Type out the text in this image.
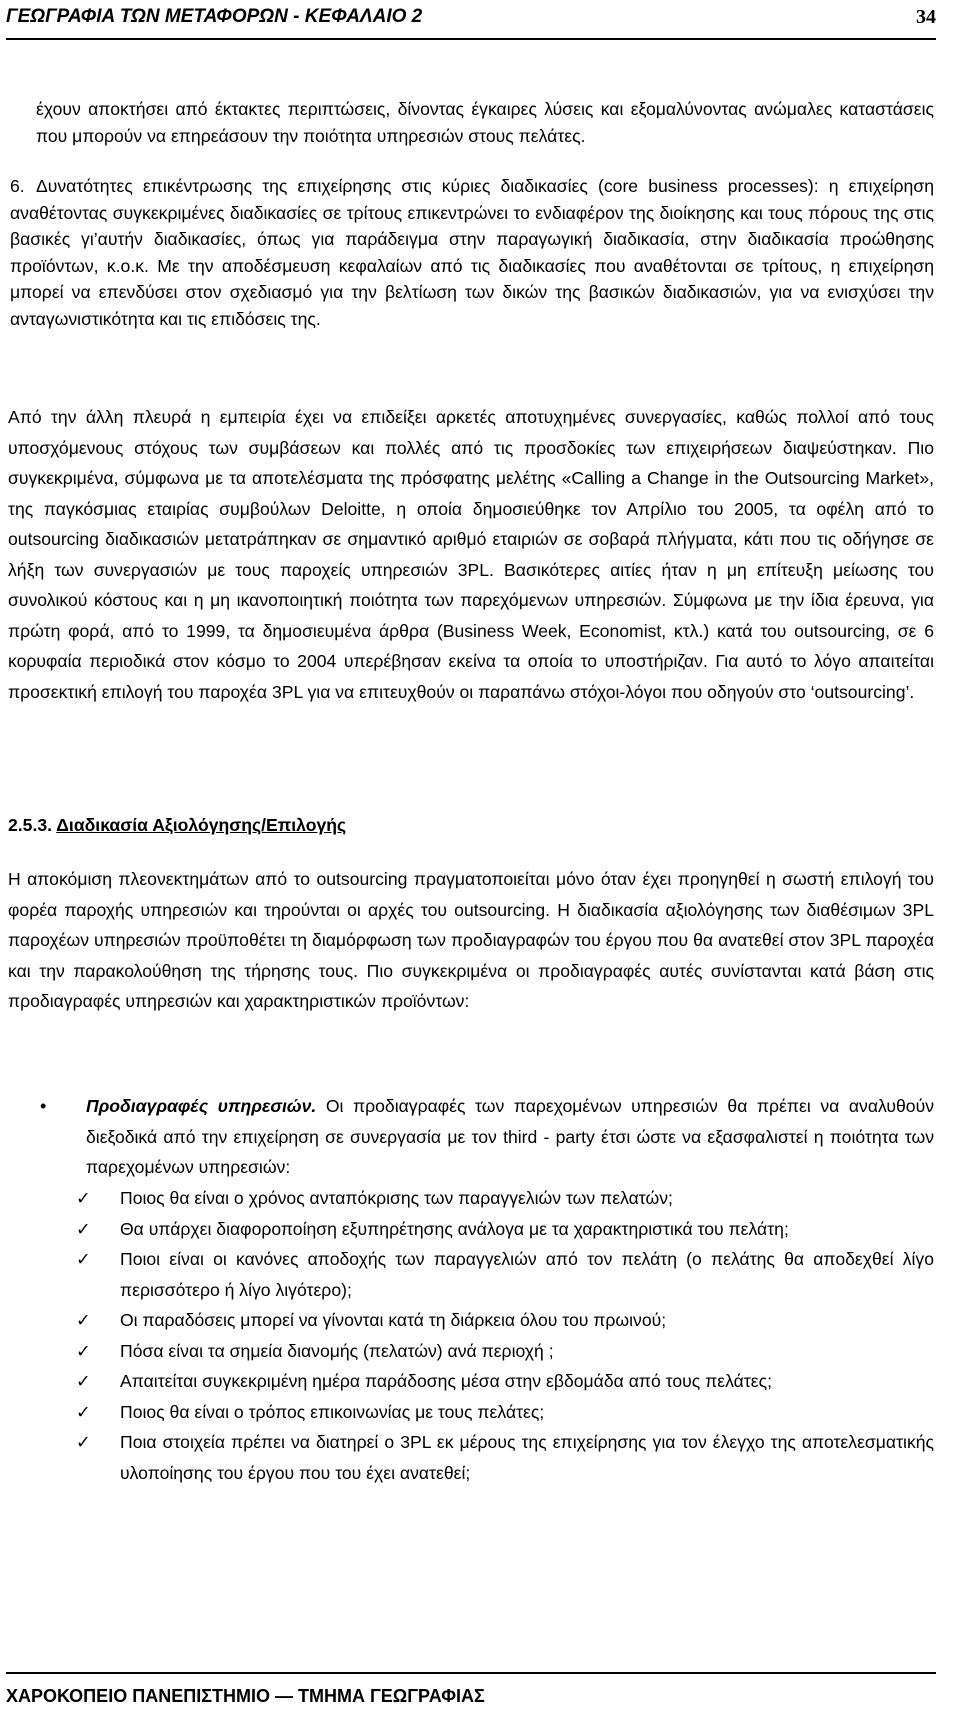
ΓΕΩΓΡΑΦΙΑ ΤΩΝ ΜΕΤΑΦΟΡΩΝ - ΚΕΦΑΛΑΙΟ 2	34
έχουν αποκτήσει από έκτακτες περιπτώσεις, δίνοντας έγκαιρες λύσεις και εξομαλύνοντας ανώμαλες καταστάσεις που μπορούν να επηρεάσουν την ποιότητα υπηρεσιών στους πελάτες.
6. Δυνατότητες επικέντρωσης της επιχείρησης στις κύριες διαδικασίες (core business processes): η επιχείρηση αναθέτοντας συγκεκριμένες διαδικασίες σε τρίτους επικεντρώνει το ενδιαφέρον της διοίκησης και τους πόρους της στις βασικές γι’αυτήν διαδικασίες, όπως για παράδειγμα στην παραγωγική διαδικασία, στην διαδικασία προώθησης προϊόντων, κ.ο.κ. Με την αποδέσμευση κεφαλαίων από τις διαδικασίες που αναθέτονται σε τρίτους, η επιχείρηση μπορεί να επενδύσει στον σχεδιασμό για την βελτίωση των δικών της βασικών διαδικασιών, για να ενισχύσει την ανταγωνιστικότητα και τις επιδόσεις της.
Από την άλλη πλευρά η εμπειρία έχει να επιδείξει αρκετές αποτυχημένες συνεργασίες, καθώς πολλοί από τους υποσχόμενους στόχους των συμβάσεων και πολλές από τις προσδοκίες των επιχειρήσεων διαψεύστηκαν. Πιο συγκεκριμένα, σύμφωνα με τα αποτελέσματα της πρόσφατης μελέτης «Calling a Change in the Outsourcing Market», της παγκόσμιας εταιρίας συμβούλων Deloitte, η οποία δημοσιεύθηκε τον Απρίλιο του 2005, τα οφέλη από το outsourcing διαδικασιών μετατράπηκαν σε σημαντικό αριθμό εταιριών σε σοβαρά πλήγματα, κάτι που τις οδήγησε σε λήξη των συνεργασιών με τους παροχείς υπηρεσιών 3PL. Βασικότερες αιτίες ήταν η μη επίτευξη μείωσης του συνολικού κόστους και η μη ικανοποιητική ποιότητα των παρεχόμενων υπηρεσιών. Σύμφωνα με την ίδια έρευνα, για πρώτη φορά, από το 1999, τα δημοσιευμένα άρθρα (Business Week, Economist, κτλ.) κατά του outsourcing, σε 6 κορυφαία περιοδικά στον κόσμο το 2004 υπερέβησαν εκείνα τα οποία το υποστήριζαν. Για αυτό το λόγο απαιτείται προσεκτική επιλογή του παροχέα 3PL για να επιτευχθούν οι παραπάνω στόχοι-λόγοι που οδηγούν στο ‘outsourcing’.
2.5.3. Διαδικασία Αξιολόγησης/Επιλογής
Η αποκόμιση πλεονεκτημάτων από το outsourcing πραγματοποιείται μόνο όταν έχει προηγηθεί η σωστή επιλογή του φορέα παροχής υπηρεσιών και τηρούνται οι αρχές του outsourcing. Η διαδικασία αξιολόγησης των διαθέσιμων 3PL παροχέων υπηρεσιών προϋποθέτει τη διαμόρφωση των προδιαγραφών του έργου που θα ανατεθεί στον 3PL παροχέα και την παρακολούθηση της τήρησης τους. Πιο συγκεκριμένα οι προδιαγραφές αυτές συνίστανται κατά βάση στις προδιαγραφές υπηρεσιών και χαρακτηριστικών προϊόντων:
• Προδιαγραφές υπηρεσιών. Οι προδιαγραφές των παρεχομένων υπηρεσιών θα πρέπει να αναλυθούν διεξοδικά από την επιχείρηση σε συνεργασία με τον third - party έτσι ώστε να εξασφαλιστεί η ποιότητα των παρεχομένων υπηρεσιών:
✓ Ποιος θα είναι ο χρόνος ανταπόκρισης των παραγγελιών των πελατών;
✓ Θα υπάρχει διαφοροποίηση εξυπηρέτησης ανάλογα με τα χαρακτηριστικά του πελάτη;
✓ Ποιοι είναι οι κανόνες αποδοχής των παραγγελιών από τον πελάτη (ο πελάτης θα αποδεχθεί λίγο περισσότερο ή λίγο λιγότερο);
✓ Οι παραδόσεις μπορεί να γίνονται κατά τη διάρκεια όλου του πρωινού;
✓ Πόσα είναι τα σημεία διανομής (πελατών) ανά περιοχή ;
✓ Απαιτείται συγκεκριμένη ημέρα παράδοσης μέσα στην εβδομάδα από τους πελάτες;
✓ Ποιος θα είναι ο τρόπος επικοινωνίας με τους πελάτες;
✓ Ποια στοιχεία πρέπει να διατηρεί ο 3PL εκ μέρους της επιχείρησης για τον έλεγχο της αποτελεσματικής υλοποίησης του έργου που του έχει ανατεθεί;
ΧΑΡΟΚΟΠΕΙΟ ΠΑΝΕΠΙΣΤΗΜΙΟ — ΤΜΗΜΑ ΓΕΩΓΡΑΦΙΑΣ
